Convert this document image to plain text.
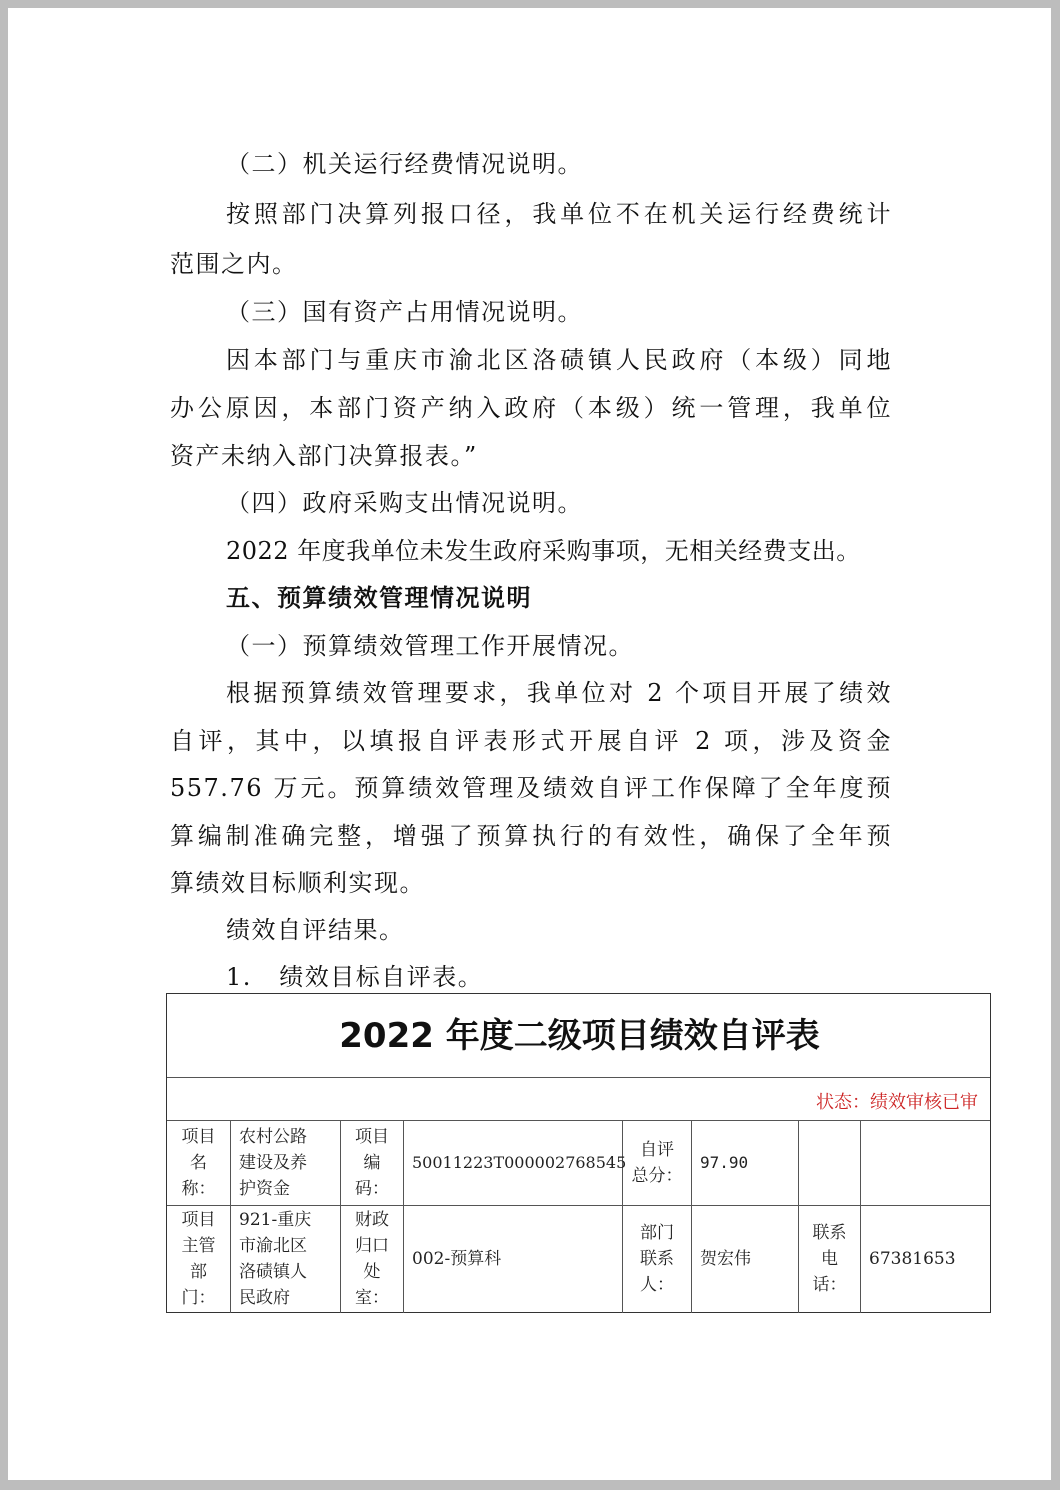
（二）机关运行经费情况说明。
按照部门决算列报口径，我单位不在机关运行经费统计
范围之内。
（三）国有资产占用情况说明。
因本部门与重庆市渝北区洛碛镇人民政府（本级）同地
办公原因，本部门资产纳入政府（本级）统一管理，我单位
资产未纳入部门决算报表。”
（四）政府采购支出情况说明。
2022 年度我单位未发生政府采购事项，无相关经费支出。
五、预算绩效管理情况说明
（一）预算绩效管理工作开展情况。
根据预算绩效管理要求，我单位对 2 个项目开展了绩效
自评，其中，以填报自评表形式开展自评 2 项，涉及资金
557.76 万元。预算绩效管理及绩效自评工作保障了全年度预
算编制准确完整，增强了预算执行的有效性，确保了全年预
算绩效目标顺利实现。
绩效自评结果。
1.   绩效目标自评表。
2022 年度二级项目绩效自评表
状态：绩效审核已审
项目
名
称：
农村公路
建设及养
护资金
项目
编
码：
50011223T000002768545
自评
总分：
97.90
项目
主管
部
门：
921-重庆
市渝北区
洛碛镇人
民政府
财政
归口
处
室：
002-预算科
部门
联系
人：
贺宏伟
联系
电
话：
67381653
